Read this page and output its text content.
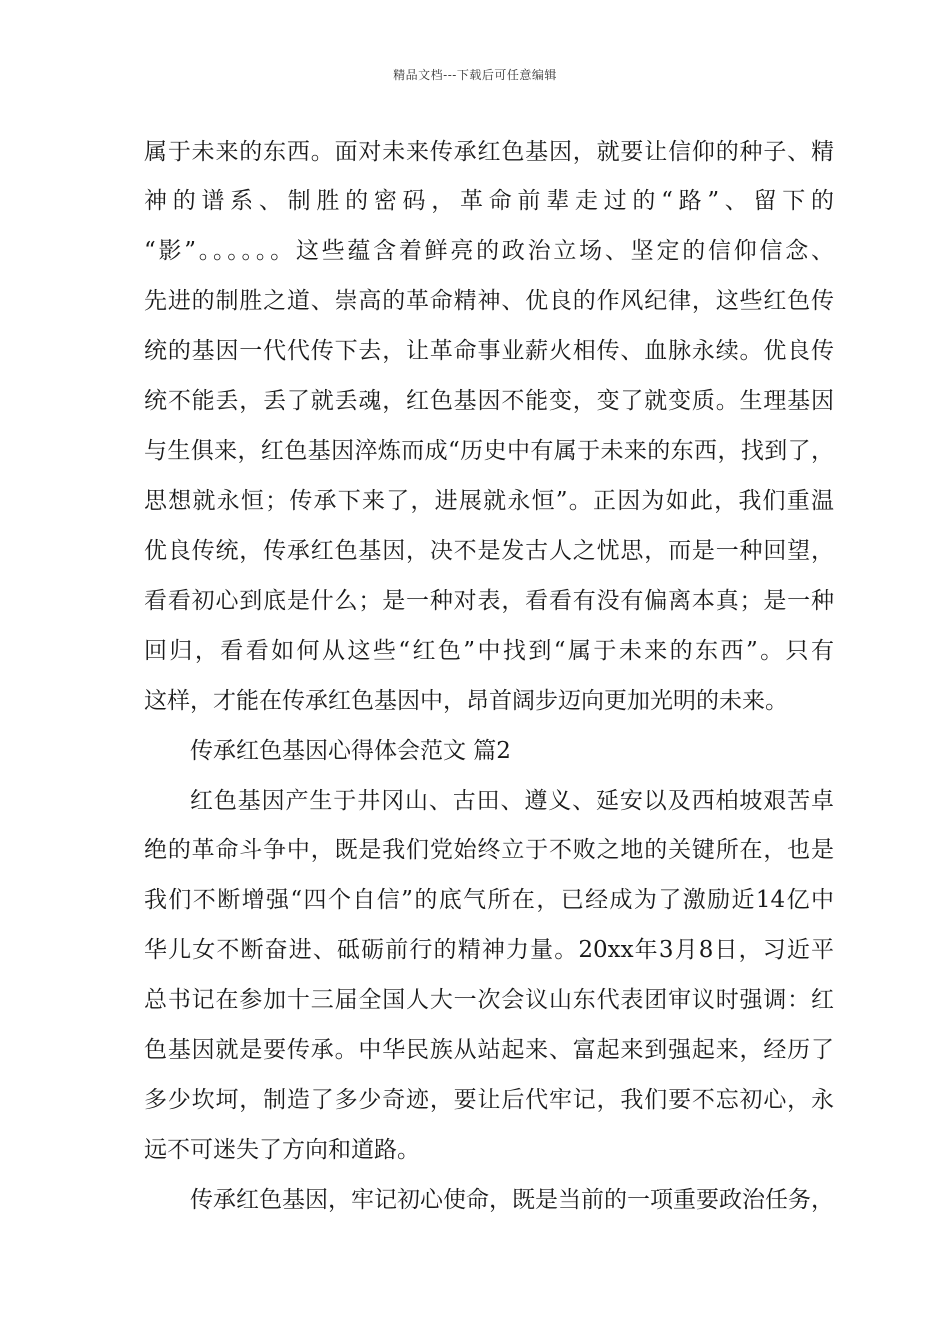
精品文档---下载后可任意编辑
属于未来的东西。面对未来传承红色基因，就要让信仰的种子、精
神的谱系、制胜的密码，革命前辈走过的“路”、留下的
“影”。。。。。。这些蕴含着鲜亮的政治立场、坚定的信仰信念、
先进的制胜之道、崇高的革命精神、优良的作风纪律，这些红色传
统的基因一代代传下去，让革命事业薪火相传、血脉永续。优良传
统不能丢，丢了就丢魂，红色基因不能变，变了就变质。生理基因
与生俱来，红色基因淬炼而成“历史中有属于未来的东西，找到了，
思想就永恒；传承下来了，进展就永恒”。正因为如此，我们重温
优良传统，传承红色基因，决不是发古人之忧思，而是一种回望，
看看初心到底是什么；是一种对表，看看有没有偏离本真；是一种
回归，看看如何从这些“红色”中找到“属于未来的东西”。只有
这样，才能在传承红色基因中，昂首阔步迈向更加光明的未来。
传承红色基因心得体会范文 篇2
红色基因产生于井冈山、古田、遵义、延安以及西柏坡艰苦卓
绝的革命斗争中，既是我们党始终立于不败之地的关键所在，也是
我们不断增强“四个自信”的底气所在，已经成为了激励近14亿中
华儿女不断奋进、砥砺前行的精神力量。20xx年3月8日，习近平
总书记在参加十三届全国人大一次会议山东代表团审议时强调：红
色基因就是要传承。中华民族从站起来、富起来到强起来，经历了
多少坎坷，制造了多少奇迹，要让后代牢记，我们要不忘初心，永
远不可迷失了方向和道路。
传承红色基因，牢记初心使命，既是当前的一项重要政治任务，
